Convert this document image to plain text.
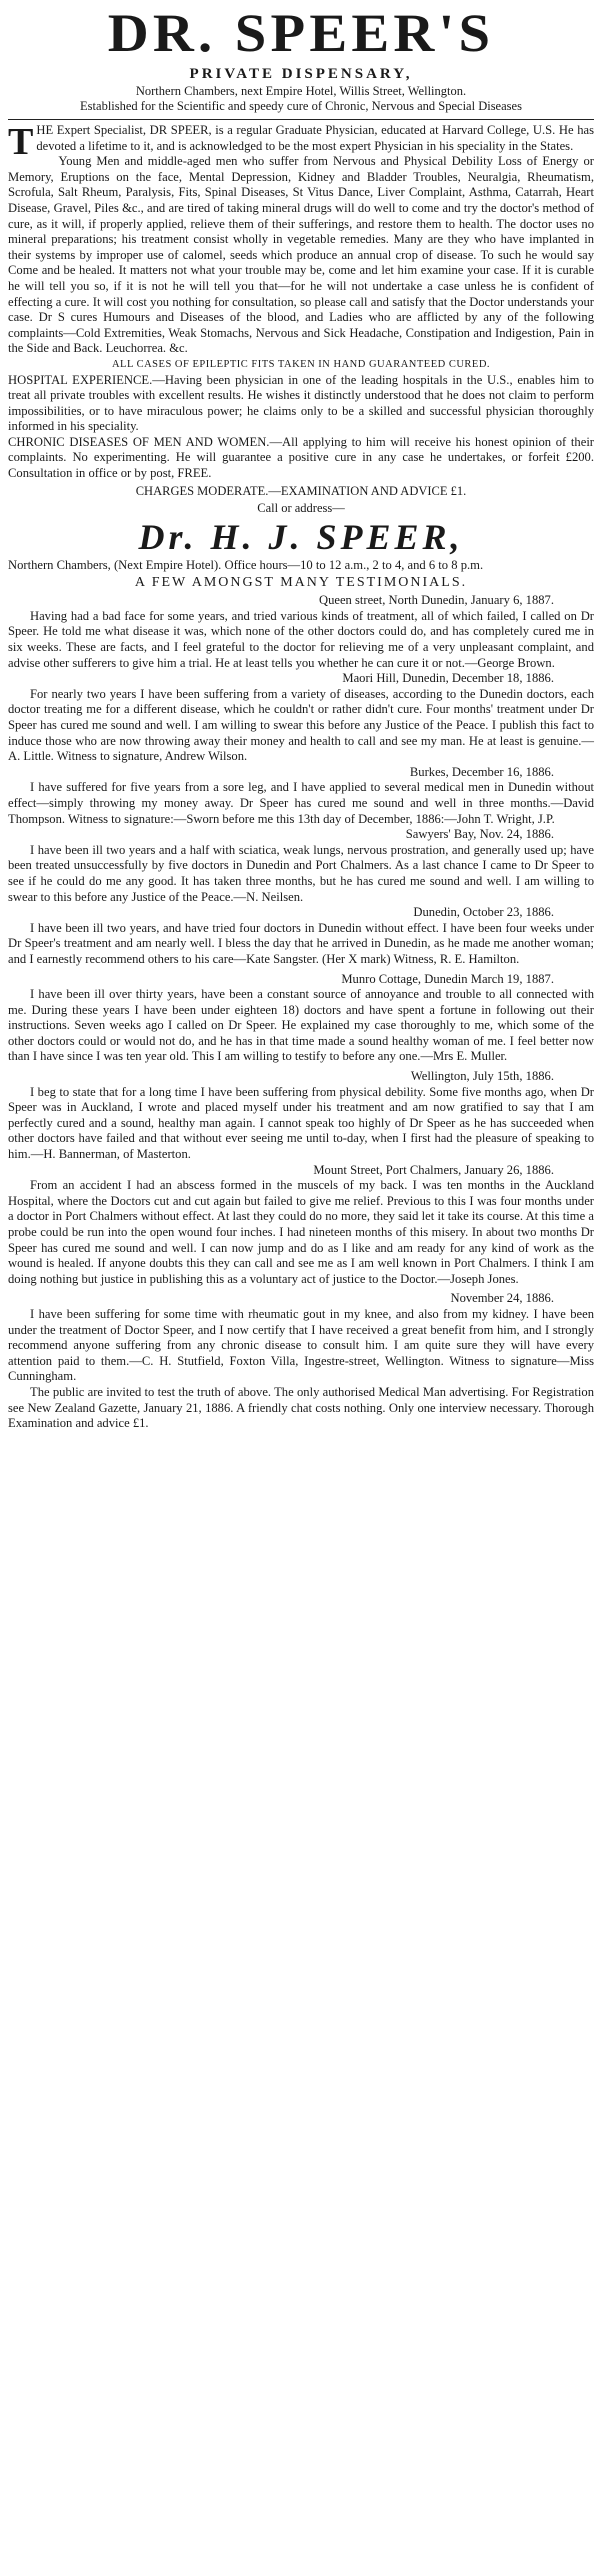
DR. SPEER'S
PRIVATE DISPENSARY,

Northern Chambers, next Empire Hotel, Willis Street, Wellington.

Established for the Scientific and speedy cure of Chronic, Nervous and Special Diseases

THE Expert Specialist, DR SPEER, is a regular Graduate Physician, educated at Harvard College, U.S. He has devoted a lifetime to it, and is acknowledged to be the most expert Physician in his speciality in the States.

Young Men and middle-aged men who suffer from Nervous and Physical Debility Loss of Energy or Memory, Eruptions on the face, Mental Depression, Kidney and Bladder Troubles, Neuralgia, Rheumatism, Scrofula, Salt Rheum, Paralysis, Fits, Spinal Diseases, St Vitus Dance, Liver Complaint, Asthma, Catarrah, Heart Disease, Gravel, Piles &c., and are tired of taking mineral drugs will do well to come and try the doctor's method of cure, as it will, if properly applied, relieve them of their sufferings, and restore them to health. The doctor uses no mineral preparations; his treatment consist wholly in vegetable remedies. Many are they who have implanted in their systems by improper use of calomel, seeds which produce an annual crop of disease. To such he would say Come and be healed. It matters not what your trouble may be, come and let him examine your case. If it is curable he will tell you so, if it is not he will tell you that—for he will not undertake a case unless he is confident of effecting a cure. It will cost you nothing for consultation, so please call and satisfy that the Doctor understands your case. Dr S cures Humours and Diseases of the blood, and Ladies who are afflicted by any of the following complaints—Cold Extremities, Weak Stomachs, Nervous and Sick Headache, Constipation and Indigestion, Pain in the Side and Back. Leuchorrea. &c.

ALL CASES OF EPILEPTIC FITS TAKEN IN HAND GUARANTEED CURED.

HOSPITAL EXPERIENCE.—Having been physician in one of the leading hospitals in the U.S., enables him to treat all private troubles with excellent results. He wishes it distinctly understood that he does not claim to perform impossibilities, or to have miraculous power; he claims only to be a skilled and successful physician thoroughly informed in his speciality.

CHRONIC DISEASES OF MEN AND WOMEN.—All applying to him will receive his honest opinion of their complaints. No experimenting. He will guarantee a positive cure in any case he undertakes, or forfeit £200. Consultation in office or by post, FREE.

CHARGES MODERATE.—EXAMINATION AND ADVICE £1.

Call or address—

Dr. H. J. SPEER,

Northern Chambers, (Next Empire Hotel). Office hours—10 to 12 a.m., 2 to 4, and 6 to 8 p.m.

A FEW AMONGST MANY TESTIMONIALS.

Queen street, North Dunedin, January 6, 1887.

Having had a bad face for some years, and tried various kinds of treatment, all of which failed, I called on Dr Speer. He told me what disease it was, which none of the other doctors could do, and has completely cured me in six weeks. These are facts, and I feel grateful to the doctor for relieving me of a very unpleasant complaint, and advise other sufferers to give him a trial. He at least tells you whether he can cure it or not.—George Brown.

Maori Hill, Dunedin, December 18, 1886.

For nearly two years I have been suffering from a variety of diseases, according to the Dunedin doctors, each doctor treating me for a different disease, which he couldn't or rather didn't cure. Four months' treatment under Dr Speer has cured me sound and well. I am willing to swear this before any Justice of the Peace. I publish this fact to induce those who are now throwing away their money and health to call and see my man. He at least is genuine.—A. Little. Witness to signature, Andrew Wilson.

Burkes, December 16, 1886.

I have suffered for five years from a sore leg, and I have applied to several medical men in Dunedin without effect—simply throwing my money away. Dr Speer has cured me sound and well in three months.—David Thompson. Witness to signature:—Sworn before me this 13th day of December, 1886:—John T. Wright, J.P.

Sawyers' Bay, Nov. 24, 1886.

I have been ill two years and a half with sciatica, weak lungs, nervous prostration, and generally used up; have been treated unsuccessfully by five doctors in Dunedin and Port Chalmers. As a last chance I came to Dr Speer to see if he could do me any good. It has taken three months, but he has cured me sound and well. I am willing to swear to this before any Justice of the Peace.—N. Neilsen.

Dunedin, October 23, 1886.

I have been ill two years, and have tried four doctors in Dunedin without effect. I have been four weeks under Dr Speer's treatment and am nearly well. I bless the day that he arrived in Dunedin, as he made me another woman; and I earnestly recommend others to his care—Kate Sangster. (Her X mark) Witness, R. E. Hamilton.

Munro Cottage, Dunedin March 19, 1887.

I have been ill over thirty years, have been a constant source of annoyance and trouble to all connected with me. During these years I have been under eighteen 18) doctors and have spent a fortune in following out their instructions. Seven weeks ago I called on Dr Speer. He explained my case thoroughly to me, which some of the other doctors could or would not do, and he has in that time made a sound healthy woman of me. I feel better now than I have since I was ten year old. This I am willing to testify to before any one.—Mrs E. Muller.

Wellington, July 15th, 1886.

I beg to state that for a long time I have been suffering from physical debility. Some five months ago, when Dr Speer was in Auckland, I wrote and placed myself under his treatment and am now gratified to say that I am perfectly cured and a sound, healthy man again. I cannot speak too highly of Dr Speer as he has succeeded when other doctors have failed and that without ever seeing me until to-day, when I first had the pleasure of speaking to him.—H. Bannerman, of Masterton.

Mount Street, Port Chalmers, January 26, 1886.

From an accident I had an abscess formed in the muscels of my back. I was ten months in the Auckland Hospital, where the Doctors cut and cut again but failed to give me relief. Previous to this I was four months under a doctor in Port Chalmers without effect. At last they could do no more, they said let it take its course. At this time a probe could be run into the open wound four inches. I had nineteen months of this misery. In about two months Dr Speer has cured me sound and well. I can now jump and do as I like and am ready for any kind of work as the wound is healed. If anyone doubts this they can call and see me as I am well known in Port Chalmers. I think I am doing nothing but justice in publishing this as a voluntary act of justice to the Doctor.—Joseph Jones.

November 24, 1886.

I have been suffering for some time with rheumatic gout in my knee, and also from my kidney. I have been under the treatment of Doctor Speer, and I now certify that I have received a great benefit from him, and I strongly recommend anyone suffering from any chronic disease to consult him. I am quite sure they will have every attention paid to them.—C. H. Stutfield, Foxton Villa, Ingestre-street, Wellington. Witness to signature—Miss Cunningham.

The public are invited to test the truth of above. The only authorised Medical Man advertising. For Registration see New Zealand Gazette, January 21, 1886. A friendly chat costs nothing. Only one interview necessary. Thorough Examination and advice £1.
